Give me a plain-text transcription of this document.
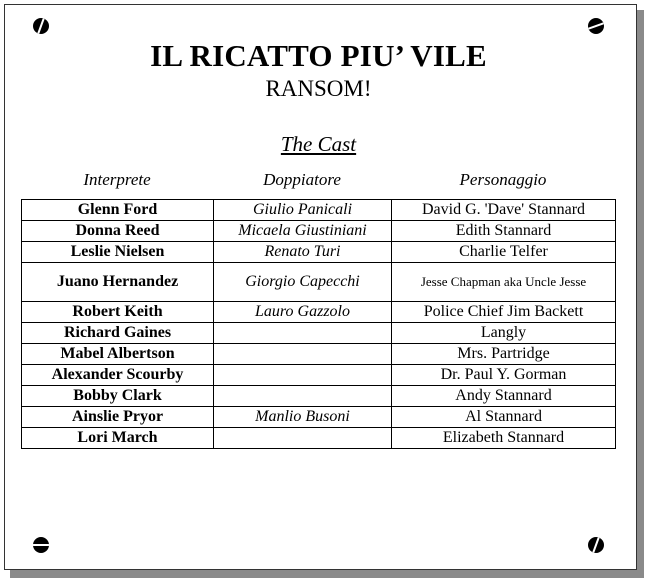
IL RICATTO PIU’ VILE
RANSOM!
The Cast
Interprete	Doppiatore	Personaggio
Glenn Ford	Giulio Panicali	David G. 'Dave' Stannard
Donna Reed	Micaela Giustiniani	Edith Stannard
Leslie Nielsen	Renato Turi	Charlie Telfer
Juano Hernandez	Giorgio Capecchi	Jesse Chapman aka Uncle Jesse
Robert Keith	Lauro Gazzolo	Police Chief Jim Backett
Richard Gaines		Langly
Mabel Albertson		Mrs. Partridge
Alexander Scourby		Dr. Paul Y. Gorman
Bobby Clark		Andy Stannard
Ainslie Pryor	Manlio Busoni	Al Stannard
Lori March		Elizabeth Stannard
